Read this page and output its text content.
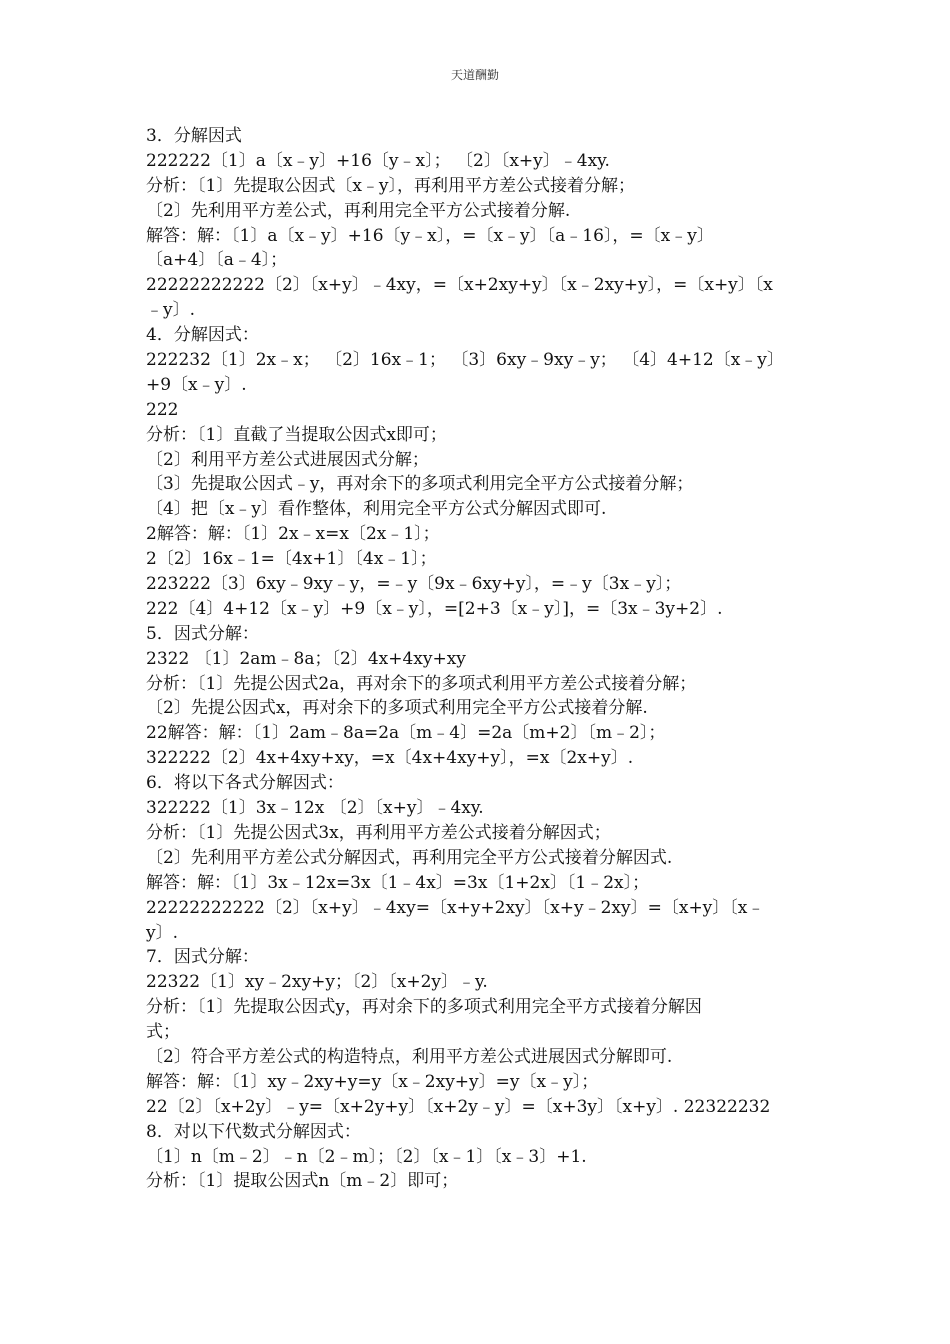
天道酬勤
3．分解因式
222222〔1〕a〔x﹣y〕+16〔y﹣x〕； 〔2〕〔x+y〕﹣4xy.
分析：〔1〕先提取公因式〔x﹣y〕，再利用平方差公式接着分解；
〔2〕先利用平方差公式，再利用完全平方公式接着分解.
解答：解：〔1〕a〔x﹣y〕+16〔y﹣x〕，=〔x﹣y〕〔a﹣16〕，=〔x﹣y〕
〔a+4〕〔a﹣4〕；
22222222222〔2〕〔x+y〕﹣4xy，=〔x+2xy+y〕〔x﹣2xy+y〕，=〔x+y〕〔x
﹣y〕.
4．分解因式：
222232〔1〕2x﹣x； 〔2〕16x﹣1； 〔3〕6xy﹣9xy﹣y； 〔4〕4+12〔x﹣y〕
+9〔x﹣y〕.
222
分析：〔1〕直截了当提取公因式x即可；
〔2〕利用平方差公式进展因式分解；
〔3〕先提取公因式﹣y，再对余下的多项式利用完全平方公式接着分解；
〔4〕把〔x﹣y〕看作整体，利用完全平方公式分解因式即可.
2解答：解：〔1〕2x﹣x=x〔2x﹣1〕；
2〔2〕16x﹣1=〔4x+1〕〔4x﹣1〕；
223222〔3〕6xy﹣9xy﹣y，=﹣y〔9x﹣6xy+y〕，=﹣y〔3x﹣y〕；
222〔4〕4+12〔x﹣y〕+9〔x﹣y〕，=[2+3〔x﹣y〕]，=〔3x﹣3y+2〕.
5．因式分解：
2322 〔1〕2am﹣8a；〔2〕4x+4xy+xy
分析：〔1〕先提公因式2a，再对余下的多项式利用平方差公式接着分解；
〔2〕先提公因式x，再对余下的多项式利用完全平方公式接着分解.
22解答：解：〔1〕2am﹣8a=2a〔m﹣4〕=2a〔m+2〕〔m﹣2〕；
322222〔2〕4x+4xy+xy，=x〔4x+4xy+y〕，=x〔2x+y〕.
6．将以下各式分解因式：
322222〔1〕3x﹣12x 〔2〕〔x+y〕﹣4xy.
分析：〔1〕先提公因式3x，再利用平方差公式接着分解因式；
〔2〕先利用平方差公式分解因式，再利用完全平方公式接着分解因式.
解答：解：〔1〕3x﹣12x=3x〔1﹣4x〕=3x〔1+2x〕〔1﹣2x〕；
22222222222〔2〕〔x+y〕﹣4xy=〔x+y+2xy〕〔x+y﹣2xy〕=〔x+y〕〔x﹣
y〕.
7．因式分解：
22322〔1〕xy﹣2xy+y；〔2〕〔x+2y〕﹣y.
分析：〔1〕先提取公因式y，再对余下的多项式利用完全平方式接着分解因
式；
〔2〕符合平方差公式的构造特点，利用平方差公式进展因式分解即可.
解答：解：〔1〕xy﹣2xy+y=y〔x﹣2xy+y〕=y〔x﹣y〕；
22〔2〕〔x+2y〕﹣y=〔x+2y+y〕〔x+2y﹣y〕=〔x+3y〕〔x+y〕. 22322232
8．对以下代数式分解因式：
〔1〕n〔m﹣2〕﹣n〔2﹣m〕；〔2〕〔x﹣1〕〔x﹣3〕+1.
分析：〔1〕提取公因式n〔m﹣2〕即可；
